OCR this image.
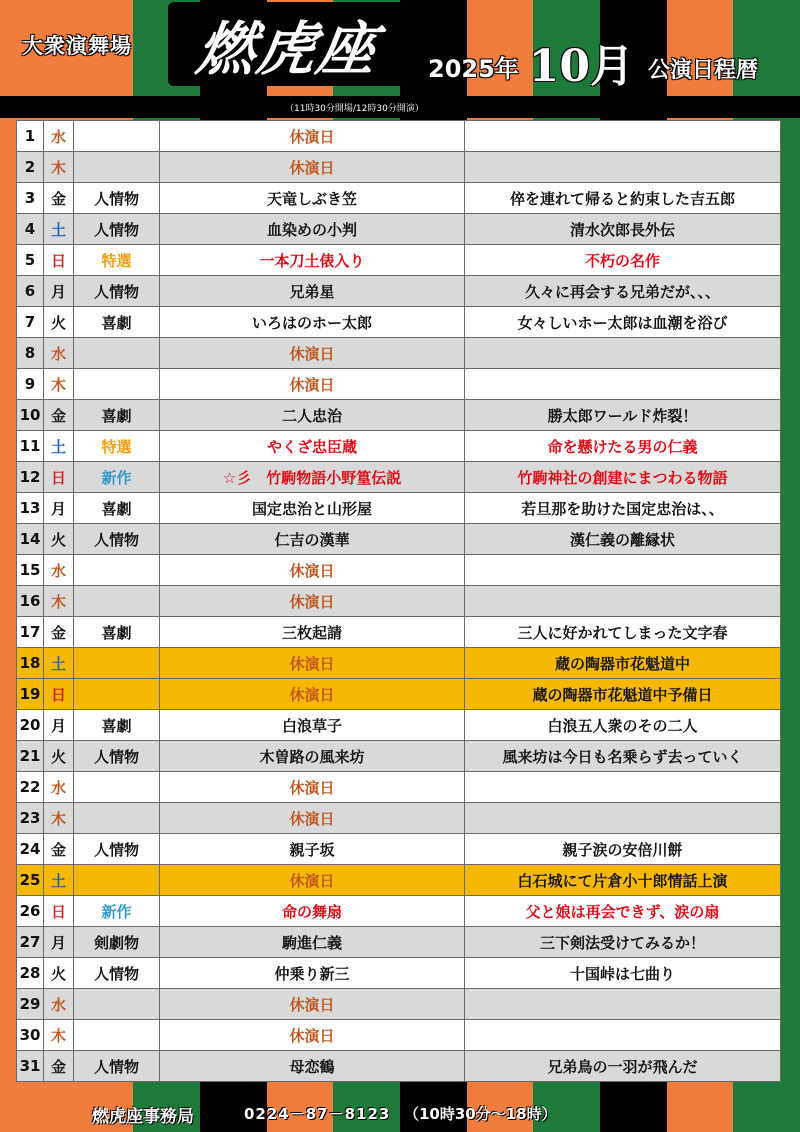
大衆演舞場 燃虎座 2025年 10月 公演日程暦
（11時30分開場/12時30分開演）
1	水		休演日	
2	木		休演日	
3	金	人情物	天竜しぶき笠	倅を連れて帰ると約束した吉五郎
4	土	人情物	血染めの小判	清水次郎長外伝
5	日	特選	一本刀土俵入り	不朽の名作
6	月	人情物	兄弟星	久々に再会する兄弟だが、、、
7	火	喜劇	いろはのホー太郎	女々しいホー太郎は血潮を浴び
8	水		休演日	
9	木		休演日	
10	金	喜劇	二人忠治	勝太郎ワールド炸裂！
11	土	特選	やくざ忠臣蔵	命を懸けたる男の仁義
12	日	新作	☆彡　竹駒物語小野篁伝説	竹駒神社の創建にまつわる物語
13	月	喜劇	国定忠治と山形屋	若旦那を助けた国定忠治は、、
14	火	人情物	仁吉の漢華	漢仁義の離縁状
15	水		休演日	
16	木		休演日	
17	金	喜劇	三枚起請	三人に好かれてしまった文字春
18	土		休演日	蔵の陶器市花魁道中
19	日		休演日	蔵の陶器市花魁道中予備日
20	月	喜劇	白浪草子	白浪五人衆のその二人
21	火	人情物	木曽路の風来坊	風来坊は今日も名乗らず去っていく
22	水		休演日	
23	木		休演日	
24	金	人情物	親子坂	親子涙の安倍川餅
25	土		休演日	白石城にて片倉小十郎情話上演
26	日	新作	命の舞扇	父と娘は再会できず、涙の扇
27	月	剣劇物	駒進仁義	三下剣法受けてみるか！
28	火	人情物	仲乗り新三	十国峠は七曲り
29	水		休演日	
30	木		休演日	
31	金	人情物	母恋鶴	兄弟鳥の一羽が飛んだ
燃虎座事務局	0224－87－8123 （10時30分～18時）
